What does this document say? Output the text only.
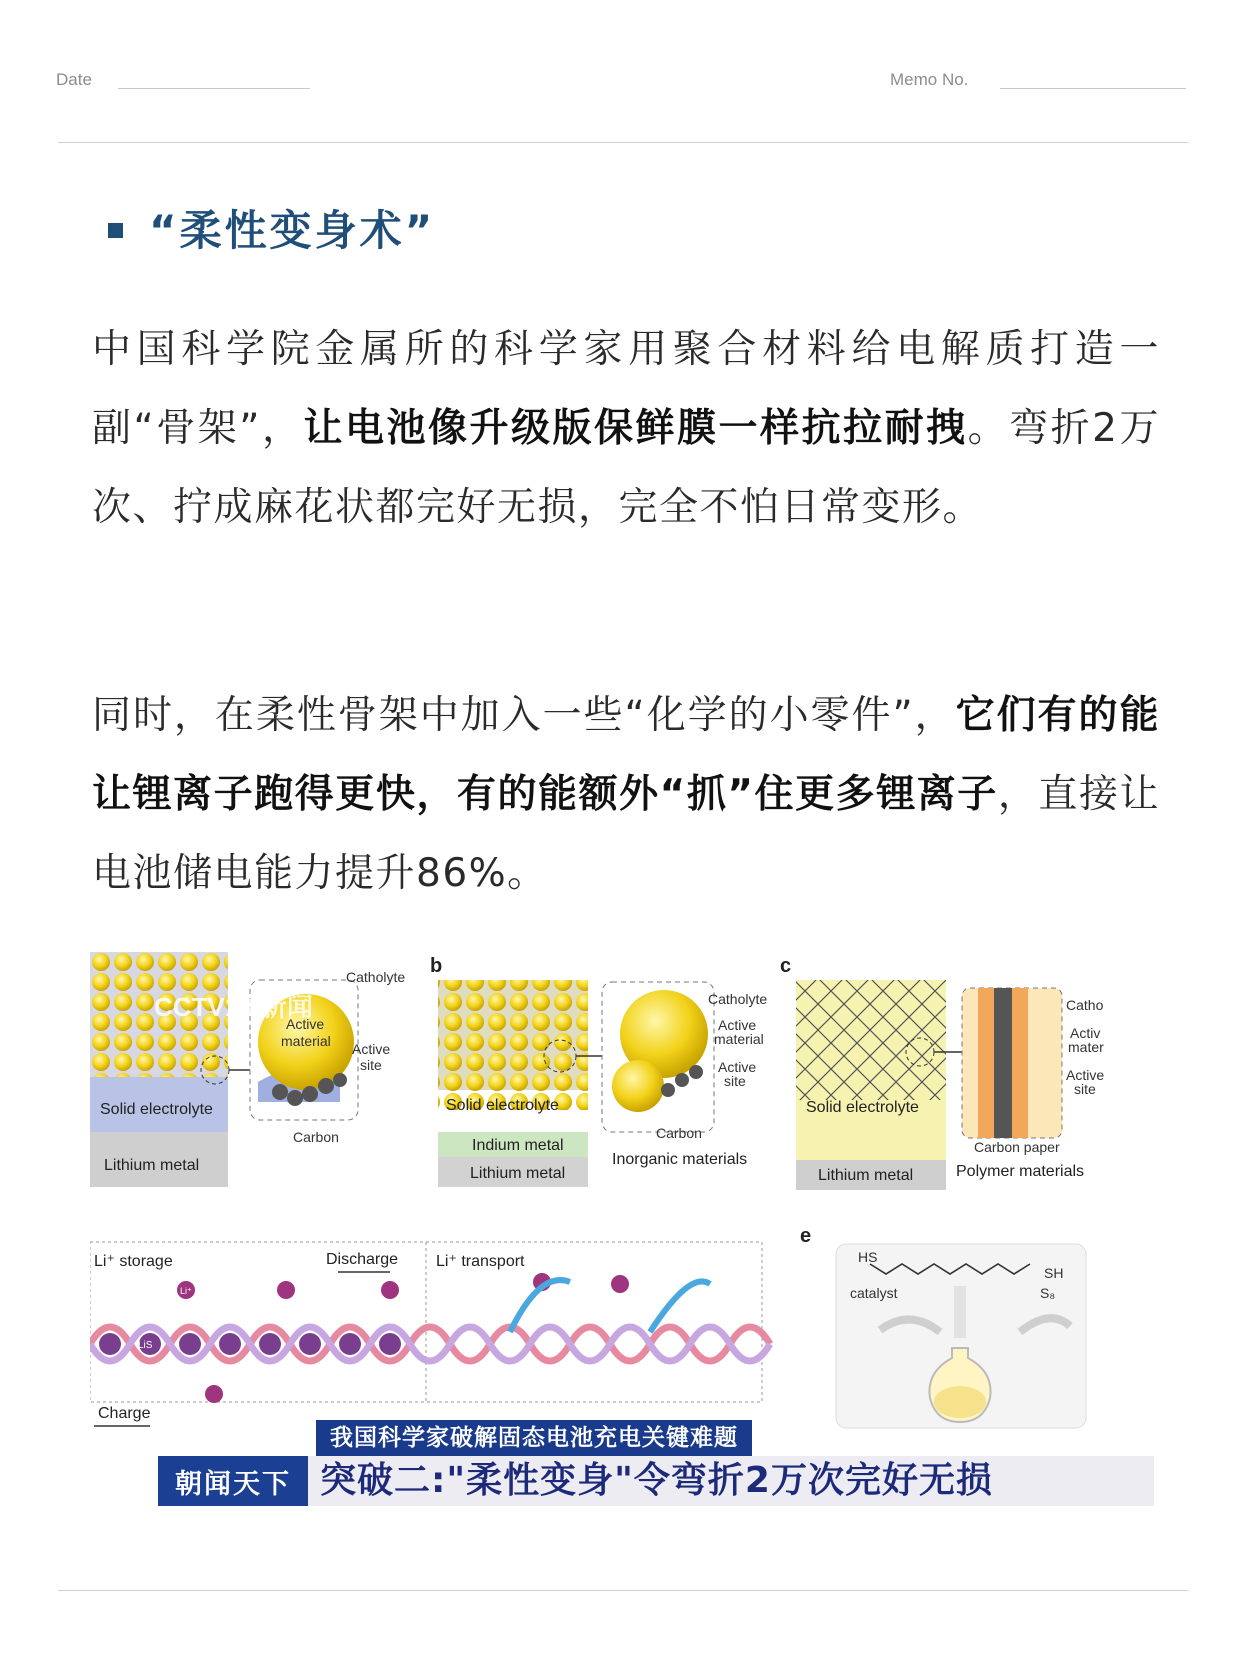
Date	Memo No.
“柔性变身术”
中国科学院金属所的科学家用聚合材料给电解质打造一副“骨架”，让电池像升级版保鲜膜一样抗拉耐拽。弯折2万次、拧成麻花状都完好无损，完全不怕日常变形。
同时，在柔性骨架中加入一些“化学的小零件”，它们有的能让锂离子跑得更快，有的能额外“抓”住更多锂离子，直接让电池储电能力提升86%。
Solid electrolyte
Lithium metal
Active
material
Catholyte
Active
site
Carbon
CCTV13 新闻
b
Solid electrolyte
Indium metal
Lithium metal
Catholyte
Active
material
Active
site
Carbon
Inorganic materials
c
Solid electrolyte
Lithium metal
Catho
Activ
mater
Active
site
Carbon paper
Polymer materials
Li⁺ storage	Discharge Li⁺ transport
LiS
Li⁺
Charge
e
HS
SH
catalyst	S₈
我国科学家破解固态电池充电关键难题
朝闻天下 突破二:"柔性变身"令弯折2万次完好无损
